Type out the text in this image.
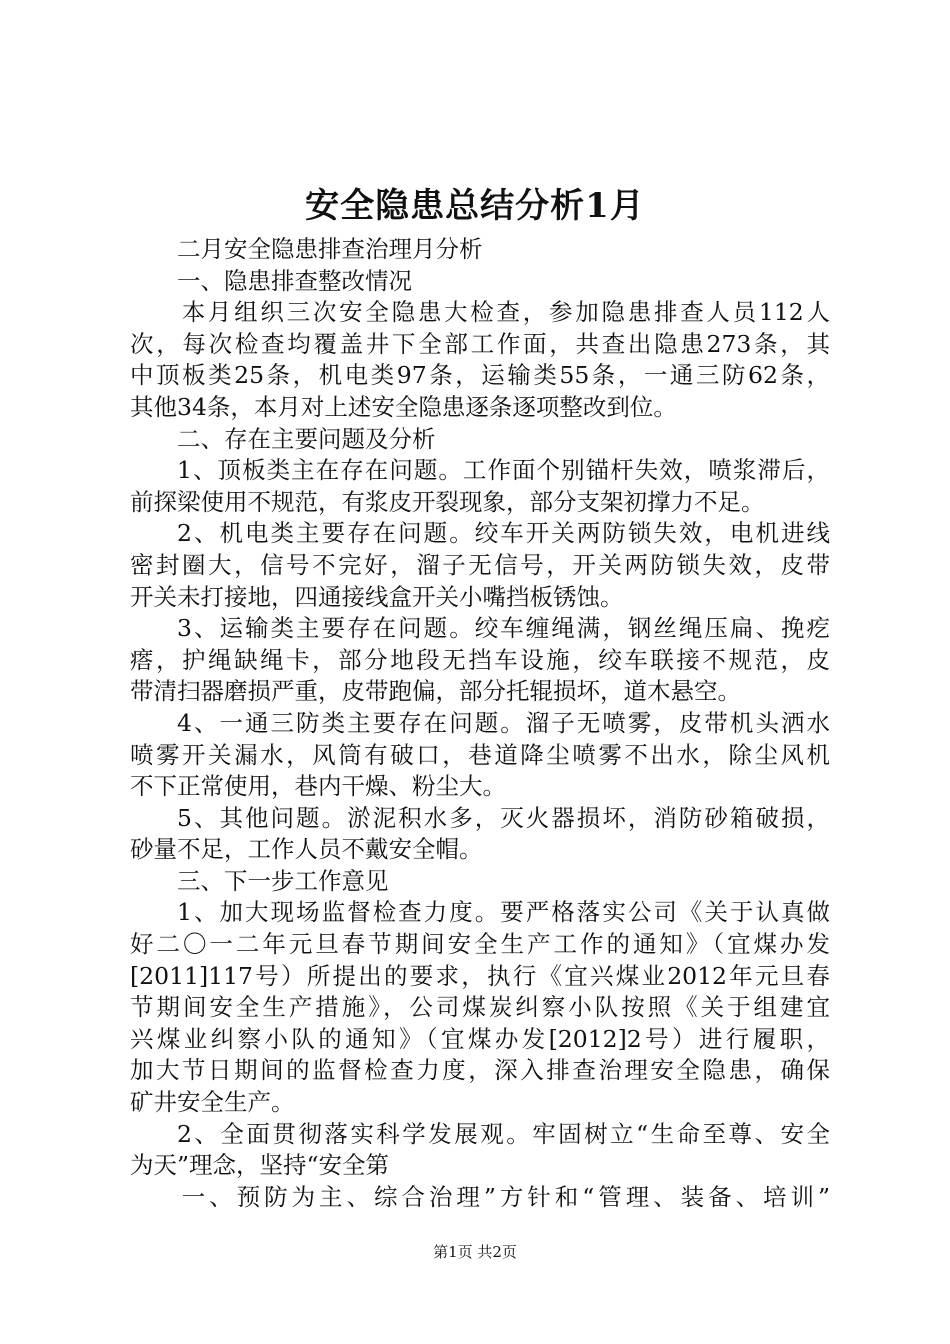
安全隐患总结分析1月
二月安全隐患排查治理月分析
一、隐患排查整改情况
本月组织三次安全隐患大检查，参加隐患排查人员112人
次，每次检查均覆盖井下全部工作面，共查出隐患273条，其
中顶板类25条，机电类97条，运输类55条，一通三防62条，
其他34条，本月对上述安全隐患逐条逐项整改到位。
二、存在主要问题及分析
1、顶板类主在存在问题。工作面个别锚杆失效，喷浆滞后，
前探梁使用不规范，有浆皮开裂现象，部分支架初撑力不足。
2、机电类主要存在问题。绞车开关两防锁失效，电机进线
密封圈大，信号不完好，溜子无信号，开关两防锁失效，皮带
开关未打接地，四通接线盒开关小嘴挡板锈蚀。
3、运输类主要存在问题。绞车缠绳满，钢丝绳压扁、挽疙
瘩，护绳缺绳卡，部分地段无挡车设施，绞车联接不规范，皮
带清扫器磨损严重，皮带跑偏，部分托辊损坏，道木悬空。
4、一通三防类主要存在问题。溜子无喷雾，皮带机头洒水
喷雾开关漏水，风筒有破口，巷道降尘喷雾不出水，除尘风机
不下正常使用，巷内干燥、粉尘大。
5、其他问题。淤泥积水多，灭火器损坏，消防砂箱破损，
砂量不足，工作人员不戴安全帽。
三、下一步工作意见
1、加大现场监督检查力度。要严格落实公司《关于认真做
好二〇一二年元旦春节期间安全生产工作的通知》（宜煤办发
[2011]117号）所提出的要求，执行《宜兴煤业2012年元旦春
节期间安全生产措施》，公司煤炭纠察小队按照《关于组建宜
兴煤业纠察小队的通知》（宜煤办发[2012]2号）进行履职，
加大节日期间的监督检查力度，深入排查治理安全隐患，确保
矿井安全生产。
2、全面贯彻落实科学发展观。牢固树立“生命至尊、安全
为天”理念，坚持“安全第
一、预防为主、综合治理”方针和“管理、装备、培训”
第1页 共2页
